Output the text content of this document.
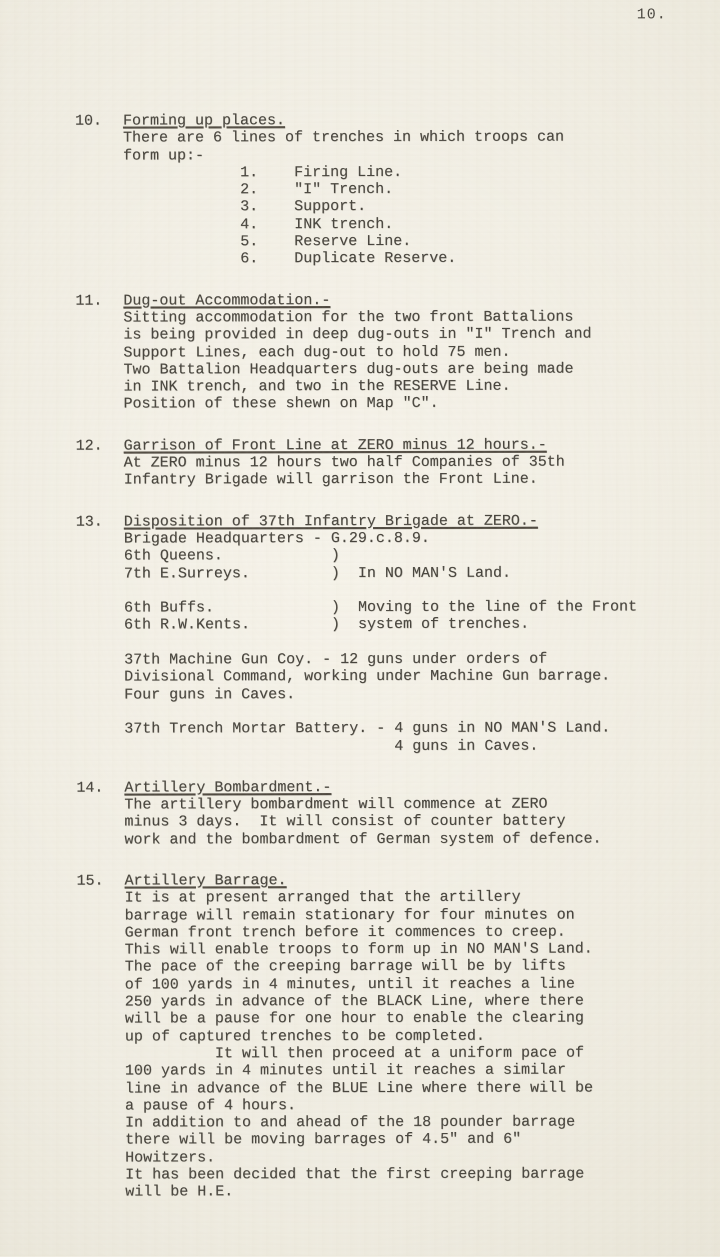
10.
10.	Forming up places.
There are 6 lines of trenches in which troops can
form up:-
1.    Firing Line.
2.    "I" Trench.
3.    Support.
4.    INK trench.
5.    Reserve Line.
6.    Duplicate Reserve.
11.	Dug-out Accommodation.-
Sitting accommodation for the two front Battalions
is being provided in deep dug-outs in "I" Trench and
Support Lines, each dug-out to hold 75 men.
Two Battalion Headquarters dug-outs are being made
in INK trench, and two in the RESERVE Line.
Position of these shewn on Map "C".
12.	Garrison of Front Line at ZERO minus 12 hours.-
At ZERO minus 12 hours two half Companies of 35th
Infantry Brigade will garrison the Front Line.
13.	Disposition of 37th Infantry Brigade at ZERO.-
Brigade Headquarters - G.29.c.8.9.
6th Queens.            )
7th E.Surreys.         )  In NO MAN'S Land.
6th Buffs.             )  Moving to the line of the Front
6th R.W.Kents.         )  system of trenches.
37th Machine Gun Coy. - 12 guns under orders of
Divisional Command, working under Machine Gun barrage.
Four guns in Caves.
37th Trench Mortar Battery. - 4 guns in NO MAN'S Land.
4 guns in Caves.
14.	Artillery Bombardment.-
The artillery bombardment will commence at ZERO
minus 3 days.  It will consist of counter battery
work and the bombardment of German system of defence.
15.	Artillery Barrage.
It is at present arranged that the artillery
barrage will remain stationary for four minutes on
German front trench before it commences to creep.
This will enable troops to form up in NO MAN'S Land.
The pace of the creeping barrage will be by lifts
of 100 yards in 4 minutes, until it reaches a line
250 yards in advance of the BLACK Line, where there
will be a pause for one hour to enable the clearing
up of captured trenches to be completed.
It will then proceed at a uniform pace of
100 yards in 4 minutes until it reaches a similar
line in advance of the BLUE Line where there will be
a pause of 4 hours.
In addition to and ahead of the 18 pounder barrage
there will be moving barrages of 4.5" and 6"
Howitzers.
It has been decided that the first creeping barrage
will be H.E.
